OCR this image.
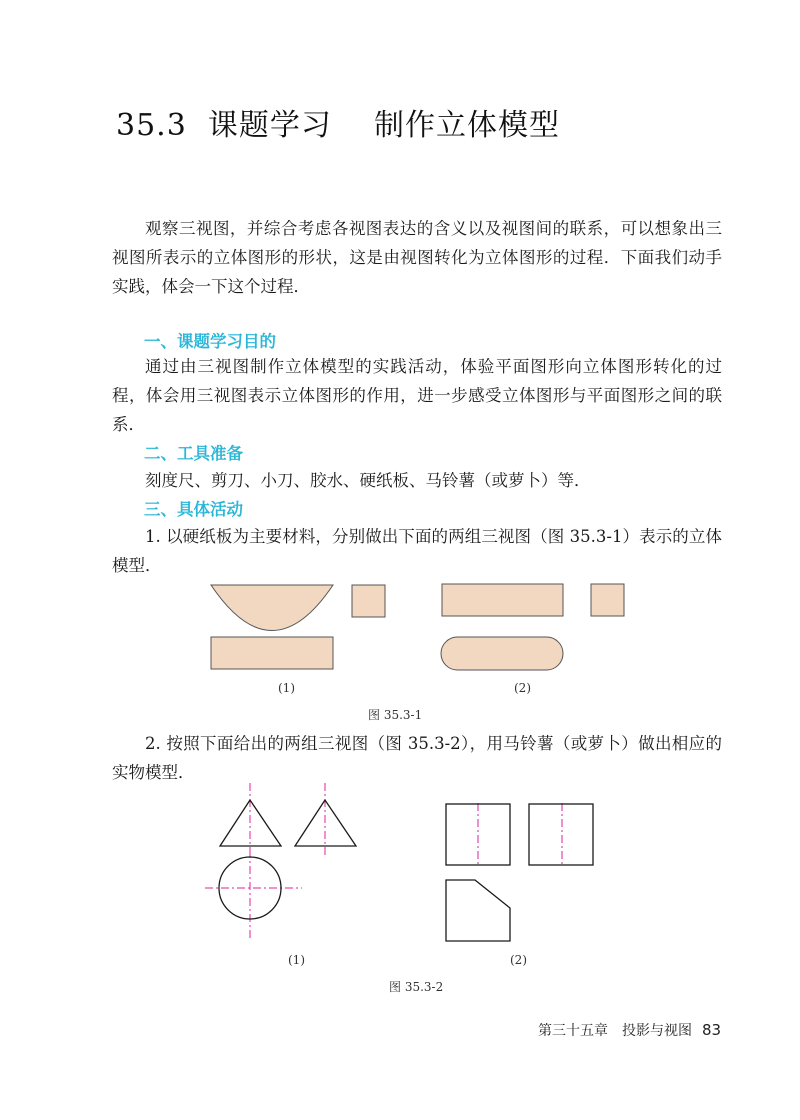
35.3  课题学习    制作立体模型

观察三视图，并综合考虑各视图表达的含义以及视图间的联系，可以想象出三视图所表示的立体图形的形状，这是由视图转化为立体图形的过程．下面我们动手实践，体会一下这个过程．

一、课题学习目的

通过由三视图制作立体模型的实践活动，体验平面图形向立体图形转化的过程，体会用三视图表示立体图形的作用，进一步感受立体图形与平面图形之间的联系．

二、工具准备

刻度尺、剪刀、小刀、胶水、硬纸板、马铃薯（或萝卜）等．

三、具体活动

1. 以硬纸板为主要材料，分别做出下面的两组三视图（图 35.3-1）表示的立体模型．

(1)	(2)
图 35.3-1

2. 按照下面给出的两组三视图（图 35.3-2），用马铃薯（或萝卜）做出相应的实物模型．

(1)	(2)
图 35.3-2
第三十五章　投影与视图 83
